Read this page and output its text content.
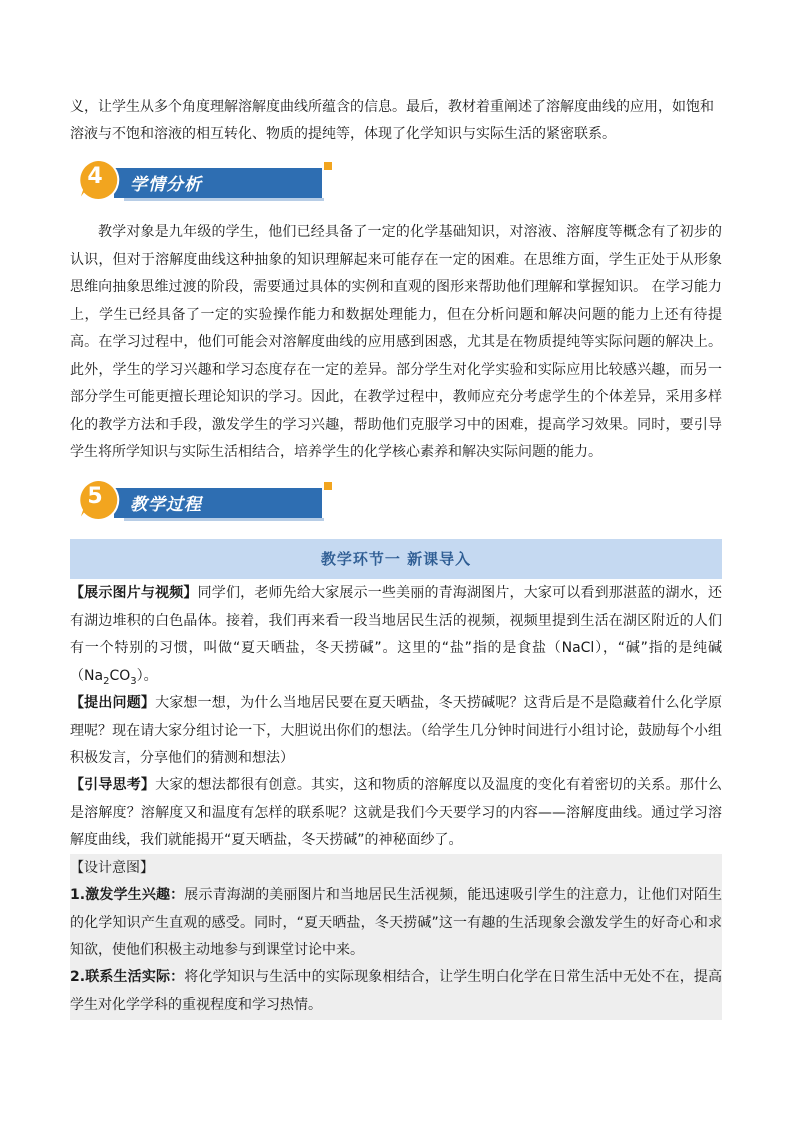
义，让学生从多个角度理解溶解度曲线所蕴含的信息。最后，教材着重阐述了溶解度曲线的应用，如饱和

溶液与不饱和溶液的相互转化、物质的提纯等，体现了化学知识与实际生活的紧密联系。

4	学情分析

教学对象是九年级的学生，他们已经具备了一定的化学基础知识，对溶液、溶解度等概念有了初步的认识，但对于溶解度曲线这种抽象的知识理解起来可能存在一定的困难。在思维方面，学生正处于从形象思维向抽象思维过渡的阶段，需要通过具体的实例和直观的图形来帮助他们理解和掌握知识。 在学习能力上，学生已经具备了一定的实验操作能力和数据处理能力，但在分析问题和解决问题的能力上还有待提高。在学习过程中，他们可能会对溶解度曲线的应用感到困惑，尤其是在物质提纯等实际问题的解决上。 此外，学生的学习兴趣和学习态度存在一定的差异。部分学生对化学实验和实际应用比较感兴趣，而另一部分学生可能更擅长理论知识的学习。因此，在教学过程中，教师应充分考虑学生的个体差异，采用多样化的教学方法和手段，激发学生的学习兴趣，帮助他们克服学习中的困难，提高学习效果。同时，要引导学生将所学知识与实际生活相结合，培养学生的化学核心素养和解决实际问题的能力。

5	教学过程
教学环节一 新课导入

【展示图片与视频】同学们，老师先给大家展示一些美丽的青海湖图片，大家可以看到那湛蓝的湖水，还有湖边堆积的白色晶体。接着，我们再来看一段当地居民生活的视频，视频里提到生活在湖区附近的人们有一个特别的习惯，叫做“夏天晒盐，冬天捞碱”。这里的“盐”指的是食盐（NaCl），“碱”指的是纯碱$(Na_2CO_3)$。

【提出问题】大家想一想，为什么当地居民要在夏天晒盐，冬天捞碱呢？这背后是不是隐藏着什么化学原理呢？现在请大家分组讨论一下，大胆说出你们的想法。（给学生几分钟时间进行小组讨论，鼓励每个小组积极发言，分享他们的猜测和想法）

【引导思考】大家的想法都很有创意。其实，这和物质的溶解度以及温度的变化有着密切的关系。那什么是溶解度？溶解度又和温度有怎样的联系呢？这就是我们今天要学习的内容——溶解度曲线。通过学习溶解度曲线，我们就能揭开“夏天晒盐，冬天捞碱”的神秘面纱了。

【设计意图】

1.激发学生兴趣：展示青海湖的美丽图片和当地居民生活视频，能迅速吸引学生的注意力，让他们对陌生的化学知识产生直观的感受。同时，“夏天晒盐，冬天捞碱”这一有趣的生活现象会激发学生的好奇心和求知欲，使他们积极主动地参与到课堂讨论中来。

2.联系生活实际：将化学知识与生活中的实际现象相结合，让学生明白化学在日常生活中无处不在，提高学生对化学学科的重视程度和学习热情。
